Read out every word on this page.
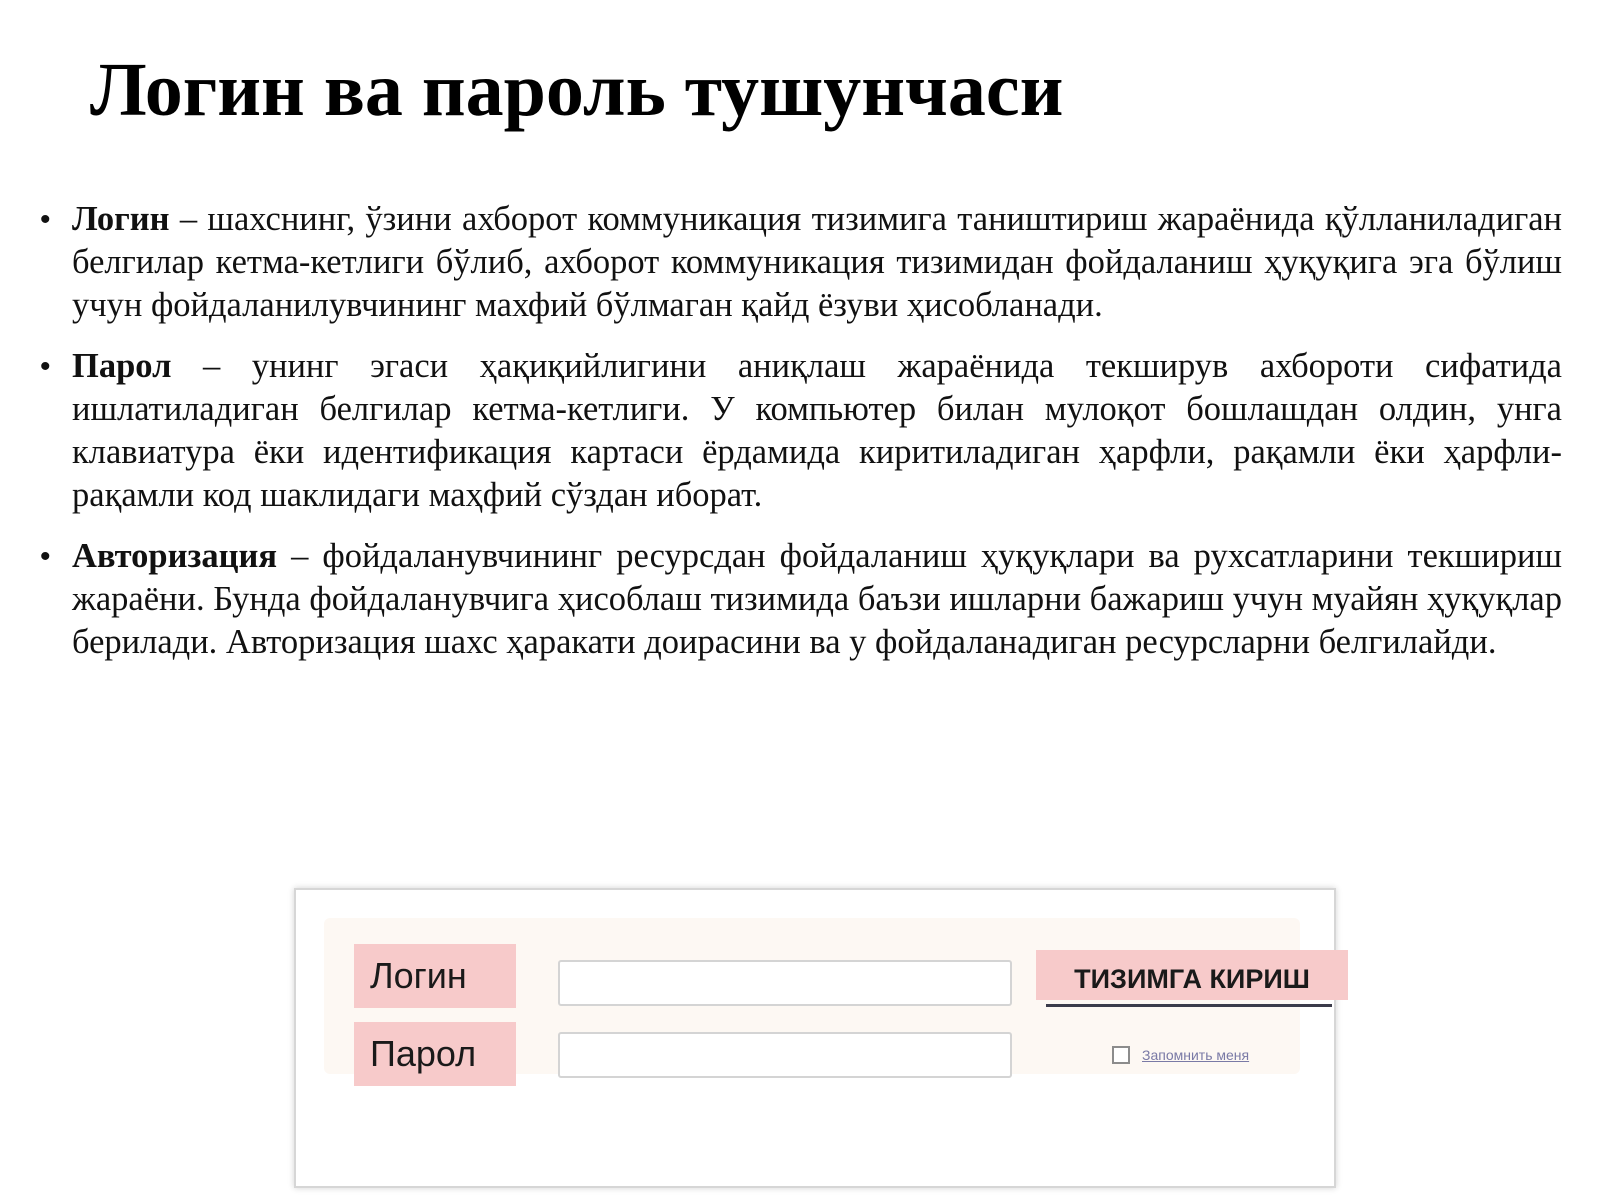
Логин ва пароль тушунчаси
• Логин – шахснинг, ўзини ахборот коммуникация тизимига таништириш жараёнида қўлланиладиган белгилар кетма-кетлиги бўлиб, ахборот коммуникация тизимидан фойдаланиш ҳуқуқига эга бўлиш учун фойдаланилувчининг махфий бўлмаган қайд ёзуви ҳисобланади.
• Парол – унинг эгаси ҳақиқийлигини аниқлаш жараёнида текширув ахбороти сифатида ишлатиладиган белгилар кетма-кетлиги. У компьютер билан мулоқот бошлашдан олдин, унга клавиатура ёки идентификация картаси ёрдамида киритиладиган ҳарфли, рақамли ёки ҳарфли-рақамли код шаклидаги маҳфий сўздан иборат.
• Авторизация – фойдаланувчининг ресурсдан фойдаланиш ҳуқуқлари ва рухсатларини текшириш жараёни. Бунда фойдаланувчига ҳисоблаш тизимида баъзи ишларни бажариш учун муайян ҳуқуқлар берилади. Авторизация шахс ҳаракати доирасини ва у фойдаланадиган ресурсларни белгилайди.
Логин
Парол
ТИЗИМГА КИРИШ
Запомнить меня
